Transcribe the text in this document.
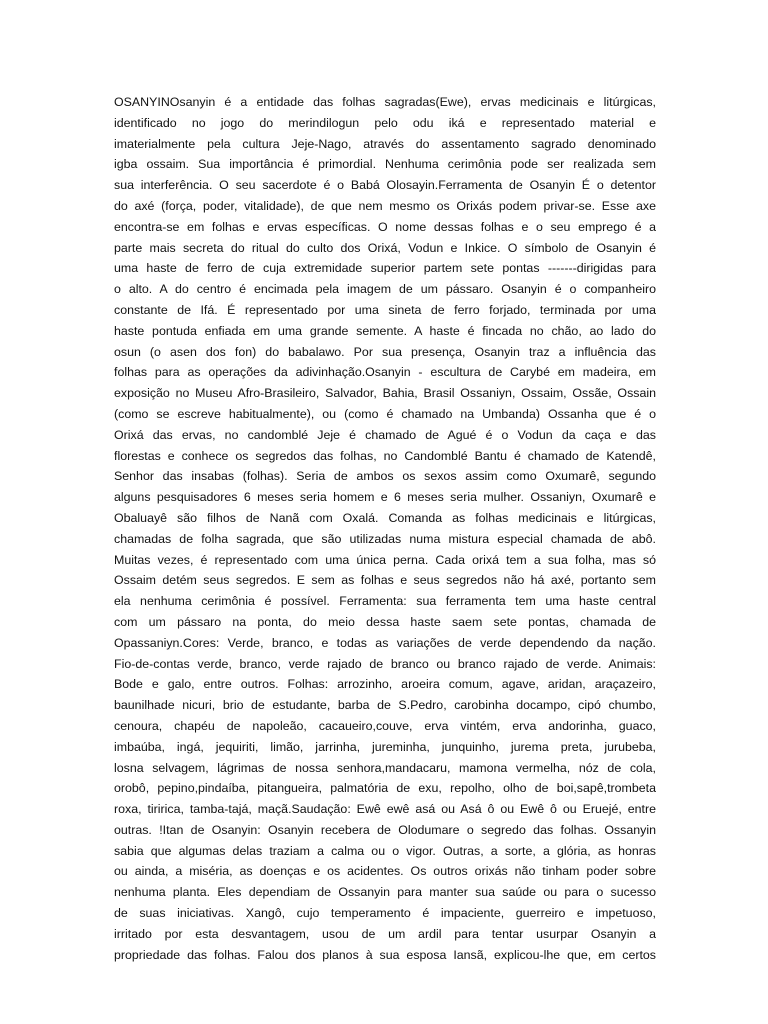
OSANYINOsanyin é a entidade das folhas sagradas(Ewe), ervas medicinais e litúrgicas,
identificado no jogo do merindilogun pelo odu iká e representado material e
imaterialmente pela cultura Jeje-Nago, através do assentamento sagrado denominado
igba ossaim. Sua importância é primordial. Nenhuma cerimônia pode ser realizada sem
sua interferência. O seu sacerdote é o Babá Olosayin.Ferramenta de Osanyin É o detentor
do axé (força, poder, vitalidade), de que nem mesmo os Orixás podem privar-se. Esse axe
encontra-se em folhas e ervas específicas. O nome dessas folhas e o seu emprego é a
parte mais secreta do ritual do culto dos Orixá, Vodun e Inkice. O símbolo de Osanyin é
uma haste de ferro de cuja extremidade superior partem sete pontas -------dirigidas para
o alto. A do centro é encimada pela imagem de um pássaro. Osanyin é o companheiro
constante de Ifá. É representado por uma sineta de ferro forjado, terminada por uma
haste pontuda enfiada em uma grande semente. A haste é fincada no chão, ao lado do
osun (o asen dos fon) do babalawo. Por sua presença, Osanyin traz a influência das
folhas para as operações da adivinhação.Osanyin - escultura de Carybé em madeira, em
exposição no Museu Afro-Brasileiro, Salvador, Bahia, Brasil Ossaniyn, Ossaim, Ossãe, Ossain
(como se escreve habitualmente), ou (como é chamado na Umbanda) Ossanha que é o
Orixá das ervas, no candomblé Jeje é chamado de Agué é o Vodun da caça e das
florestas e conhece os segredos das folhas, no Candomblé Bantu é chamado de Katendê,
Senhor das insabas (folhas). Seria de ambos os sexos assim como Oxumarê, segundo
alguns pesquisadores 6 meses seria homem e 6 meses seria mulher. Ossaniyn, Oxumarê e
Obaluayê são filhos de Nanã com Oxalá. Comanda as folhas medicinais e litúrgicas,
chamadas de folha sagrada, que são utilizadas numa mistura especial chamada de abô.
Muitas vezes, é representado com uma única perna. Cada orixá tem a sua folha, mas só
Ossaim detém seus segredos. E sem as folhas e seus segredos não há axé, portanto sem
ela nenhuma cerimônia é possível. Ferramenta: sua ferramenta tem uma haste central
com um pássaro na ponta, do meio dessa haste saem sete pontas, chamada de
Opassaniyn.Cores: Verde, branco, e todas as variações de verde dependendo da nação.
Fio-de-contas verde, branco, verde rajado de branco ou branco rajado de verde. Animais:
Bode e galo, entre outros. Folhas: arrozinho, aroeira comum, agave, aridan, araçazeiro,
baunilhade nicuri, brio de estudante, barba de S.Pedro, carobinha docampo, cipó chumbo,
cenoura, chapéu de napoleão, cacaueiro,couve, erva vintém, erva andorinha, guaco,
imbaúba, ingá, jequiriti, limão, jarrinha, jureminha, junquinho, jurema preta, jurubeba,
losna selvagem, lágrimas de nossa senhora,mandacaru, mamona vermelha, nóz de cola,
orobô, pepino,pindaíba, pitangueira, palmatória de exu, repolho, olho de boi,sapê,trombeta
roxa, tiririca, tamba-tajá, maçã.Saudação: Ewê ewê asá ou Asá ô ou Ewê ô ou Eruejé, entre
outras. !Itan de Osanyin: Osanyin recebera de Olodumare o segredo das folhas. Ossanyin
sabia que algumas delas traziam a calma ou o vigor. Outras, a sorte, a glória, as honras
ou ainda, a miséria, as doenças e os acidentes. Os outros orixás não tinham poder sobre
nenhuma planta. Eles dependiam de Ossanyin para manter sua saúde ou para o sucesso
de suas iniciativas. Xangô, cujo temperamento é impaciente, guerreiro e impetuoso,
irritado por esta desvantagem, usou de um ardil para tentar usurpar Osanyin a
propriedade das folhas. Falou dos planos à sua esposa Iansã, explicou-lhe que, em certos
